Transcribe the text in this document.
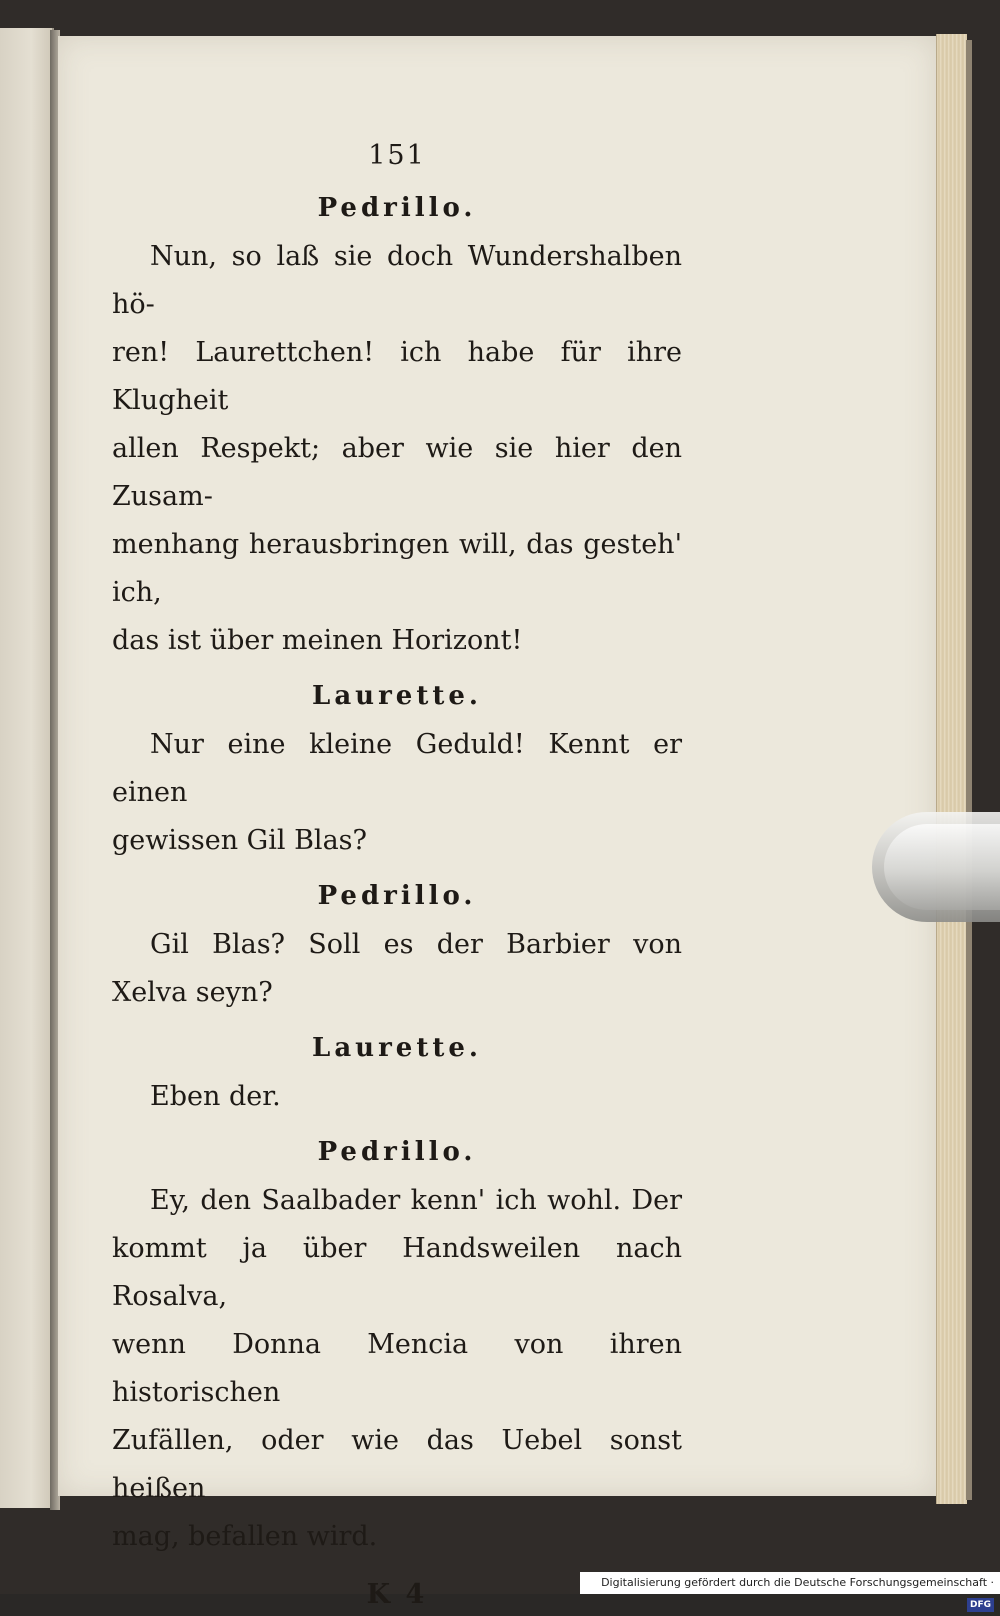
151
Pedrillo.
Nun, so laß sie doch Wundershalben hö-
ren! Laurettchen! ich habe für ihre Klugheit
allen Respekt; aber wie sie hier den Zusam-
menhang herausbringen will, das gesteh' ich,
das ist über meinen Horizont!
Laurette.
Nur eine kleine Geduld! Kennt er einen
gewissen Gil Blas?
Pedrillo.
Gil Blas? Soll es der Barbier von
Xelva seyn?
Laurette.
Eben der.
Pedrillo.
Ey, den Saalbader kenn' ich wohl. Der
kommt ja über Handsweilen nach Rosalva,
wenn Donna Mencia von ihren historischen
Zufällen, oder wie das Uebel sonst heißen
mag, befallen wird.
K 4	Digitalisierung gefördert durch die Deutsche Forschungsgemeinschaft ·DFG
